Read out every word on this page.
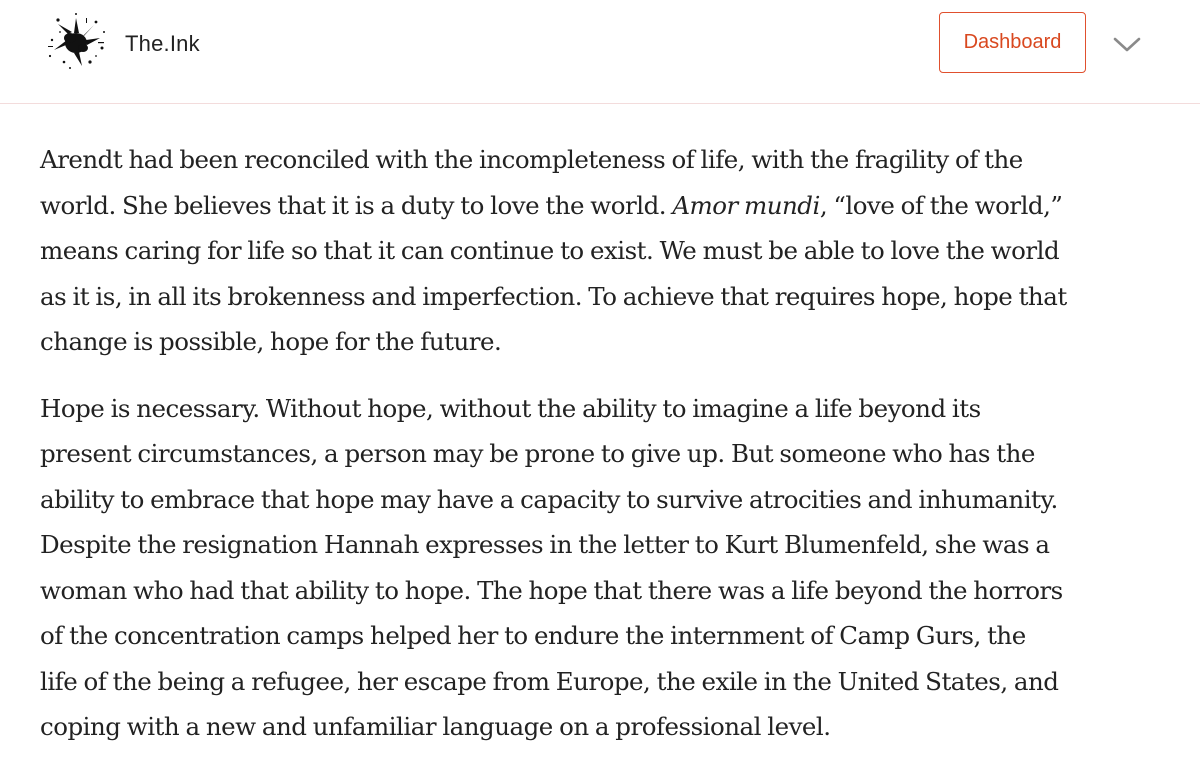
The.Ink	Dashboard

Arendt had been reconciled with the incompleteness of life, with the fragility of the
world. She believes that it is a duty to love the world. Amor mundi, “love of the world,”
means caring for life so that it can continue to exist. We must be able to love the world
as it is, in all its brokenness and imperfection. To achieve that requires hope, hope that
change is possible, hope for the future.

Hope is necessary. Without hope, without the ability to imagine a life beyond its
present circumstances, a person may be prone to give up. But someone who has the
ability to embrace that hope may have a capacity to survive atrocities and inhumanity.
Despite the resignation Hannah expresses in the letter to Kurt Blumenfeld, she was a
woman who had that ability to hope. The hope that there was a life beyond the horrors
of the concentration camps helped her to endure the internment of Camp Gurs, the
life of the being a refugee, her escape from Europe, the exile in the United States, and
coping with a new and unfamiliar language on a professional level.
